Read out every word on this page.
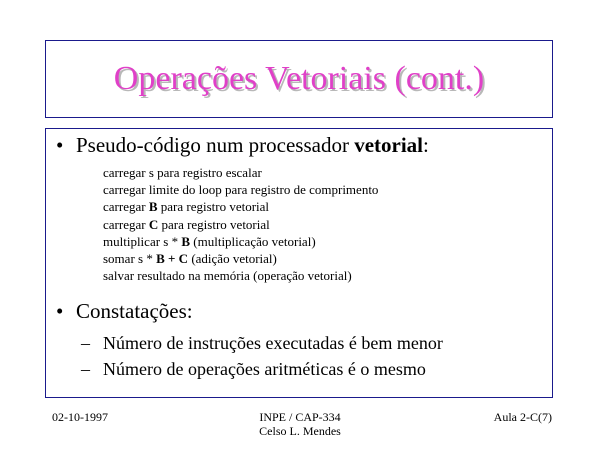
Operações Vetoriais (cont.)
• Pseudo-código num processador vetorial:
carregar s para registro escalar
carregar limite do loop para registro de comprimento
carregar B para registro vetorial
carregar C para registro vetorial
multiplicar s * B (multiplicação vetorial)
somar s * B + C (adição vetorial)
salvar resultado na memória (operação vetorial)
• Constatações:
– Número de instruções executadas é bem menor
– Número de operações aritméticas é o mesmo
02-10-1997	INPE / CAP-334
Celso L. Mendes
Aula 2-C(7)
